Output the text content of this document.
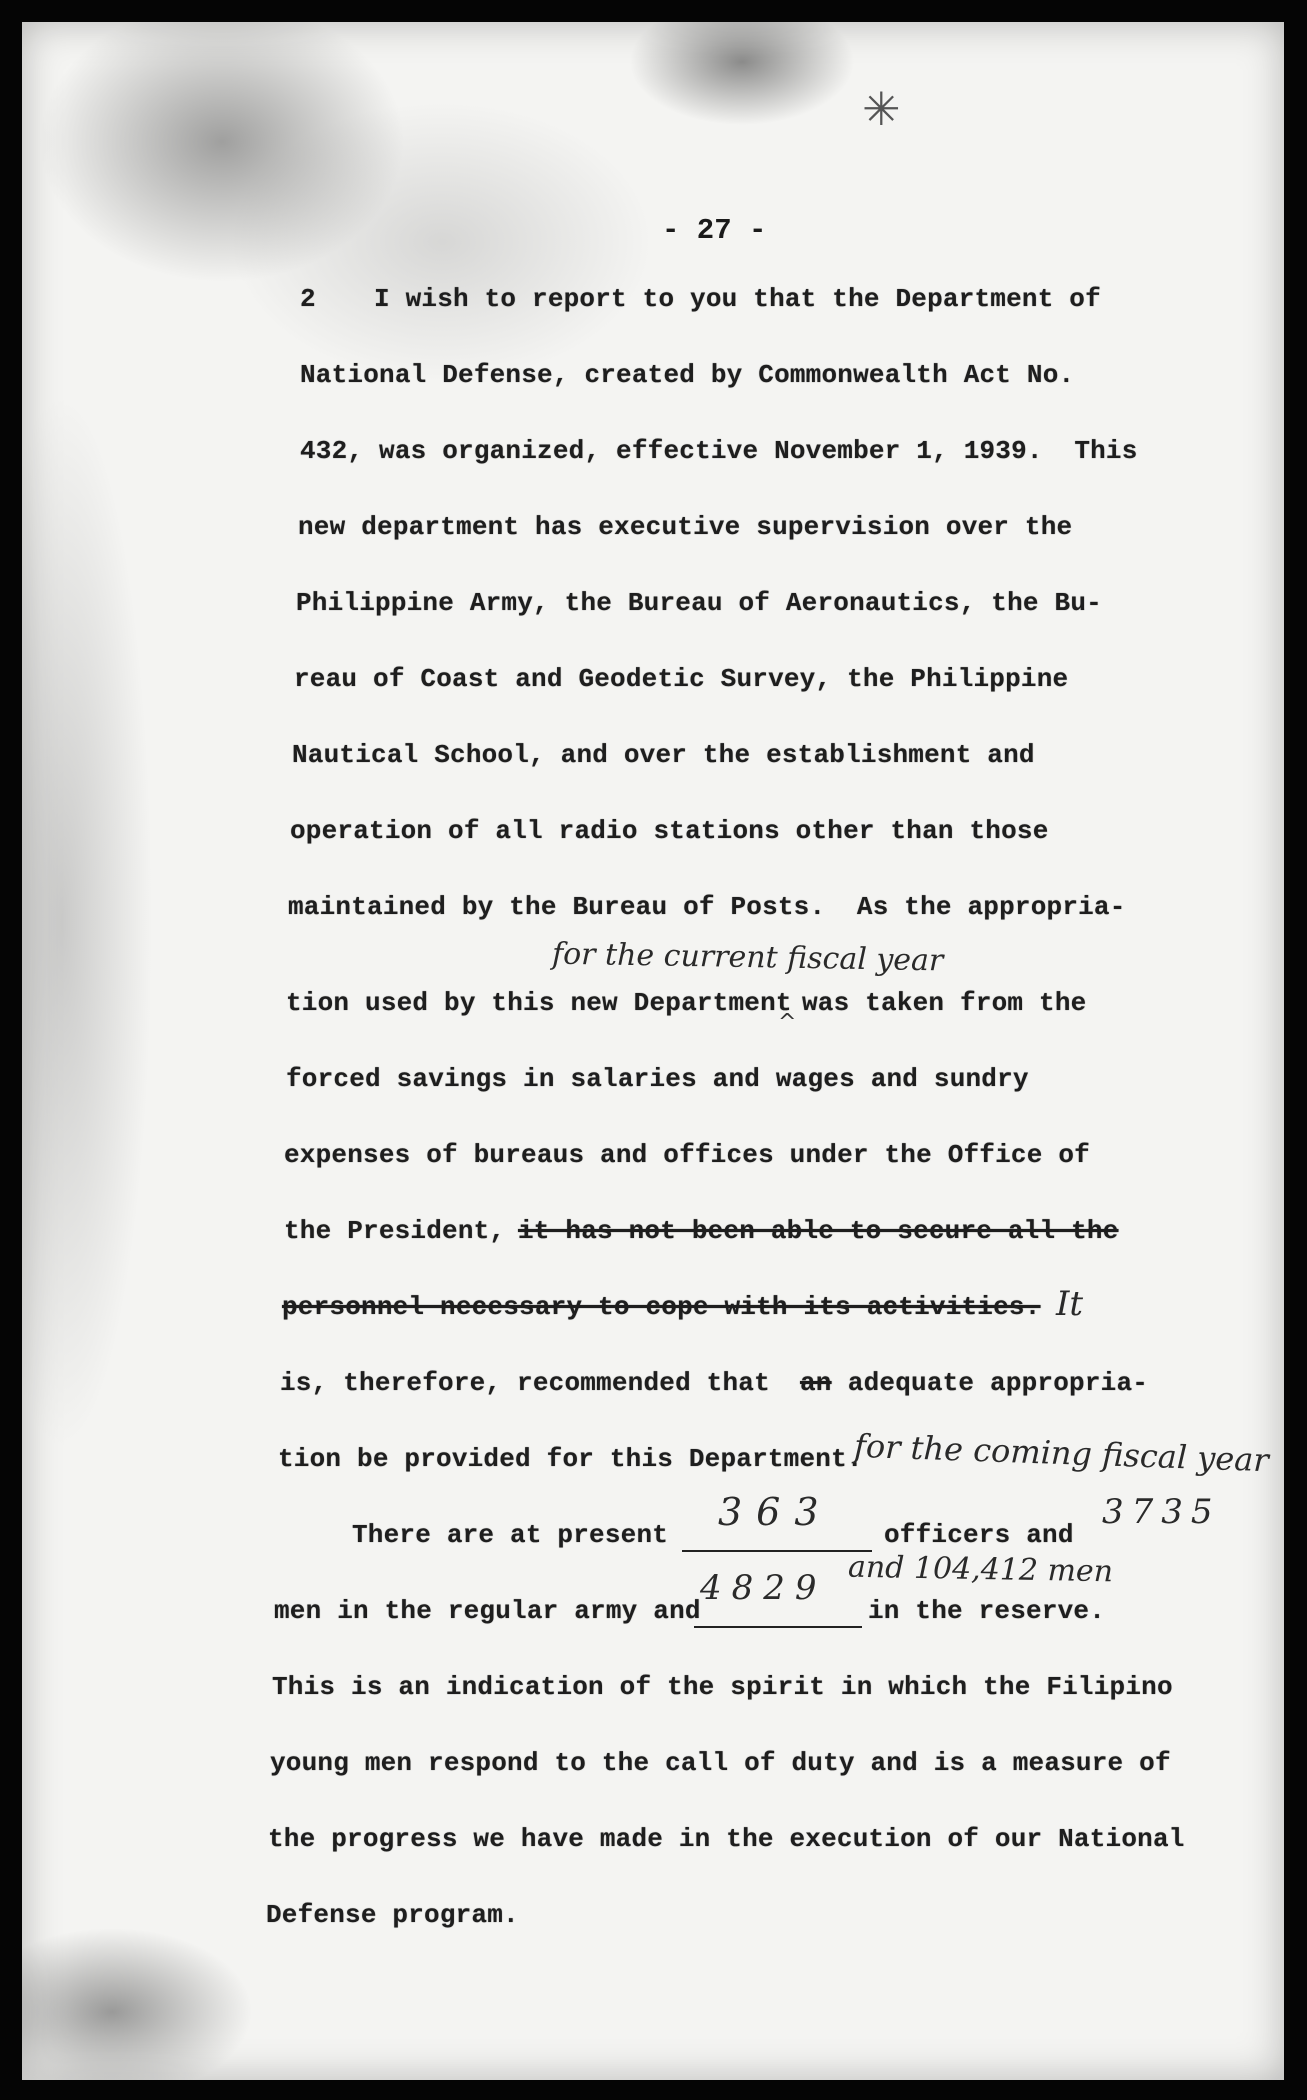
✳
- 27 -
2 I wish to report to you that the Department of
National Defense, created by Commonwealth Act No.
432, was organized, effective November 1, 1939.  This
new department has executive supervision over the
Philippine Army, the Bureau of Aeronautics, the Bu-
reau of Coast and Geodetic Survey, the Philippine
Nautical School, and over the establishment and
operation of all radio stations other than those
maintained by the Bureau of Posts.  As the appropria-
for the current fiscal year
tion used by this new Department
^
was taken from the
forced savings in salaries and wages and sundry
expenses of bureaus and offices under the Office of
the President,
it has not been able to secure all the
personnel necessary to cope with its activities. It
is, therefore, recommended that an adequate appropria-
tion be provided for this Department.
for the coming fiscal year
There are at present
363
officers and
3735
men in the regular army and
4829 and 104,412 men
in the reserve.
This is an indication of the spirit in which the Filipino
young men respond to the call of duty and is a measure of
the progress we have made in the execution of our National
Defense program.
